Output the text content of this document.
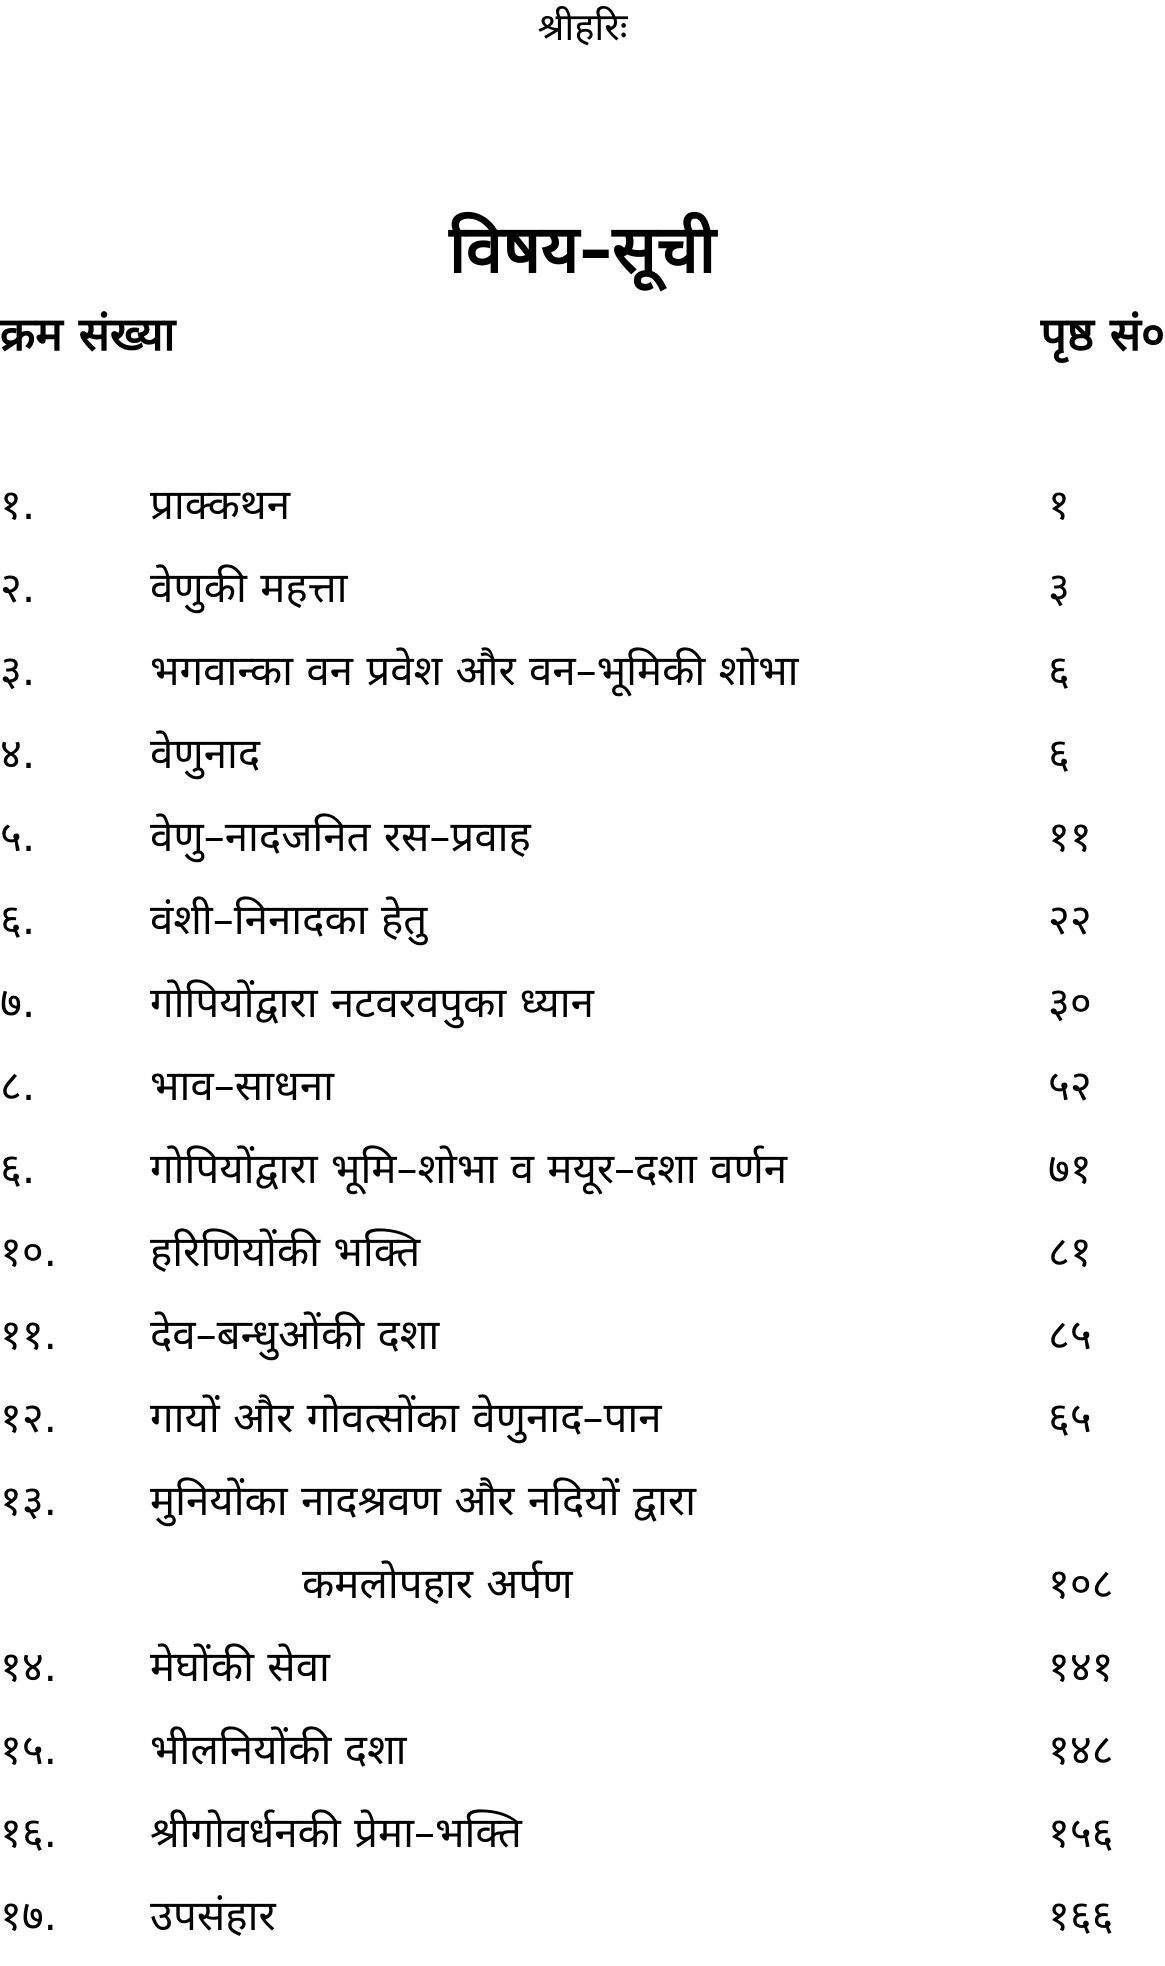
श्रीहरिः
विषय–सूची
क्रम संख्या	पृष्ठ सं०
१.	प्राक्कथन	१
२.	वेणुकी महत्ता	३
३.	भगवान्का वन प्रवेश और वन–भूमिकी शोभा	६
४.	वेणुनाद	६
५.	वेणु–नादजनित रस–प्रवाह	११
६.	वंशी–निनादका हेतु	२२
७.	गोपियोंद्वारा नटवरवपुका ध्यान	३०
८.	भाव–साधना	५२
६.	गोपियोंद्वारा भूमि–शोभा व मयूर–दशा वर्णन	७१
१०. हरिणियोंकी भक्ति	८१
११. देव–बन्धुओंकी दशा	८५
१२. गायों और गोवत्सोंका वेणुनाद–पान	६५
१३. मुनियोंका नादश्रवण और नदियों द्वारा
कमलोपहार अर्पण	१०८
१४. मेघोंकी सेवा	१४१
१५. भीलनियोंकी दशा	१४८
१६. श्रीगोवर्धनकी प्रेमा–भक्ति	१५६
१७. उपसंहार	१६६
